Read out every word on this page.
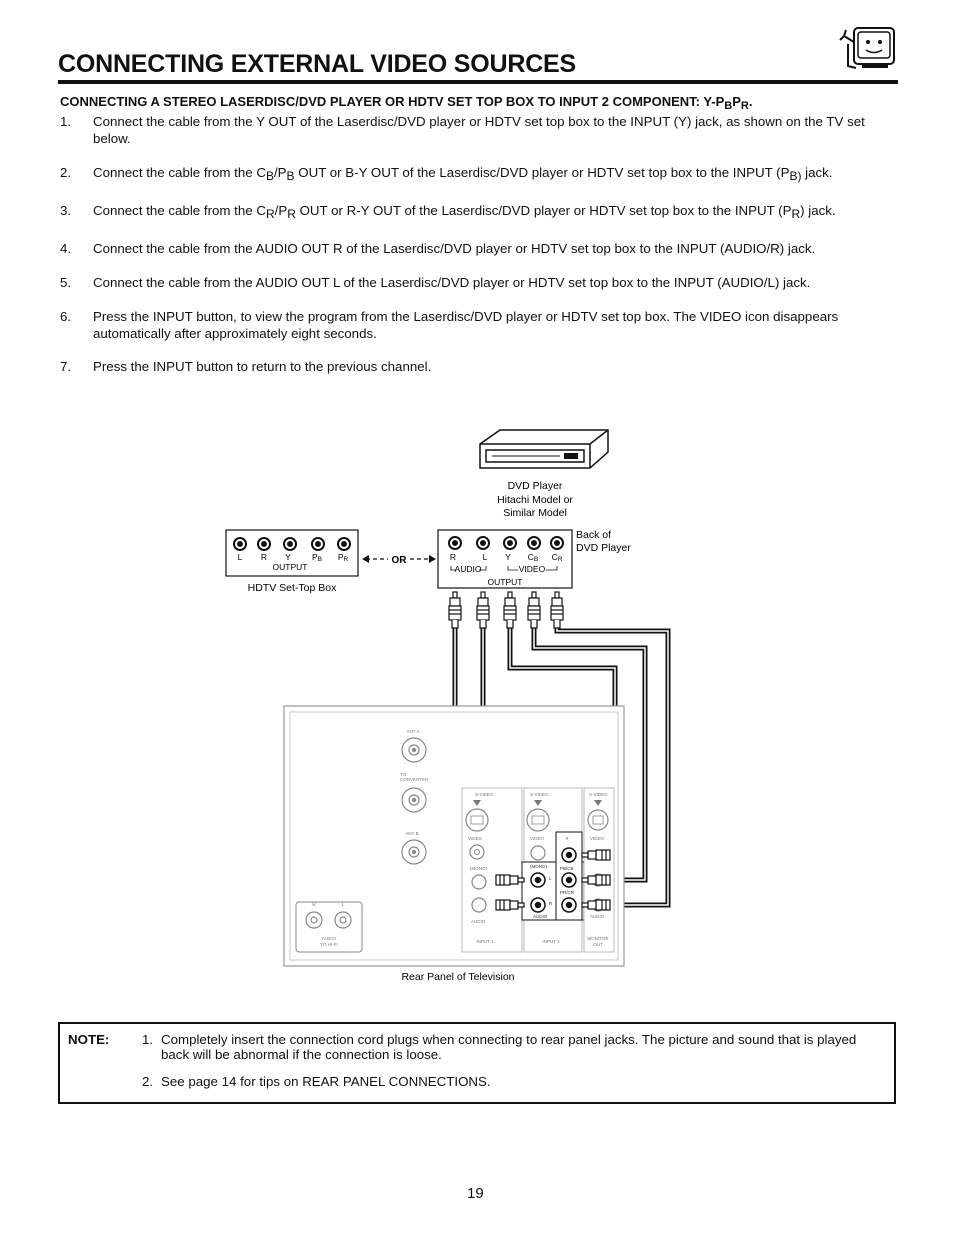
CONNECTING EXTERNAL VIDEO SOURCES
CONNECTING A STEREO LASERDISC/DVD PLAYER OR HDTV SET TOP BOX TO INPUT 2 COMPONENT: $Y-P_BP_R$.
1.	Connect the cable from the Y OUT of the Laserdisc/DVD player or HDTV set top box to the INPUT (Y) jack, as shown on the TV set below.
2.	Connect the cable from the $C_B/P_B$ OUT or B-Y OUT of the Laserdisc/DVD player or HDTV set top box to the INPUT ($P_{B)}$ jack.
3.	Connect the cable from the $C_R/P_R$ OUT or R-Y OUT of the Laserdisc/DVD player or HDTV set top box to the INPUT $(P_R)$ jack.
4.	Connect the cable from the AUDIO OUT R of the Laserdisc/DVD player or HDTV set top box to the INPUT (AUDIO/R) jack.
5.	Connect the cable from the AUDIO OUT L of the Laserdisc/DVD player or HDTV set top box to the INPUT (AUDIO/L) jack.
6.	Press the INPUT button, to view the program from the Laserdisc/DVD player or HDTV set top box. The VIDEO icon disappears automatically after approximately eight seconds.
7.	Press the INPUT button to return to the previous channel.
DVD Player
Hitachi Model or
Similar Model
Back of
DVD Player
L R Y PB PR
OUTPUT
HDTV Set-Top Box
OR	R	L Y CB CR
AUDIO	VIDEO
OUTPUT
ANT A
TO
CONVERTER
ANT B
R	L
AUDIO
TO HI-FI
S-VIDEO
VIDEO
(MONO)
AUDIO
INPUT 1
S-VIDEO
VIDEO
(MONO)
AUDIO
INPUT 2
Y
PB/CB
PR/CR
L
R
S-VIDEO
VIDEO
AUDIO
MONITOR
OUT
Rear Panel of Television
NOTE: 1. Completely insert the connection cord plugs when connecting to rear panel jacks. The picture and sound that is played back will be abnormal if the connection is loose.
2. See page 14 for tips on REAR PANEL CONNECTIONS.
19
